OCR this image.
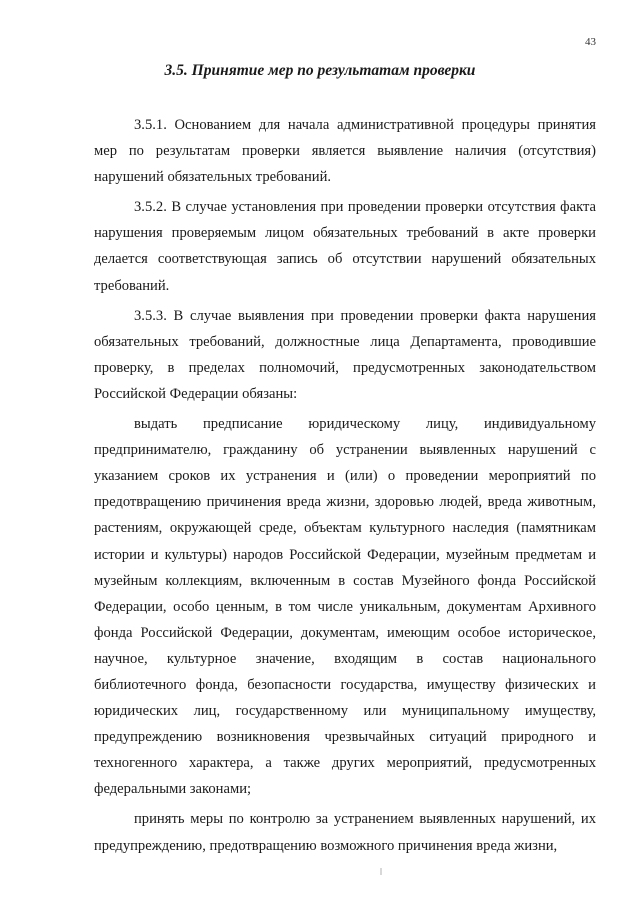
43
3.5. Принятие мер по результатам проверки

3.5.1. Основанием для начала административной процедуры принятия мер по результатам проверки является выявление наличия (отсутствия) нарушений обязательных требований.

3.5.2. В случае установления при проведении проверки отсутствия факта нарушения проверяемым лицом обязательных требований в акте проверки делается соответствующая запись об отсутствии нарушений обязательных требований.

3.5.3. В случае выявления при проведении проверки факта нарушения обязательных требований, должностные лица Департамента, проводившие проверку, в пределах полномочий, предусмотренных законодательством Российской Федерации обязаны:

выдать предписание юридическому лицу, индивидуальному предпринимателю, гражданину об устранении выявленных нарушений с указанием сроков их устранения и (или) о проведении мероприятий по предотвращению причинения вреда жизни, здоровью людей, вреда животным, растениям, окружающей среде, объектам культурного наследия (памятникам истории и культуры) народов Российской Федерации, музейным предметам и музейным коллекциям, включенным в состав Музейного фонда Российской Федерации, особо ценным, в том числе уникальным, документам Архивного фонда Российской Федерации, документам, имеющим особое историческое, научное, культурное значение, входящим в состав национального библиотечного фонда, безопасности государства, имуществу физических и юридических лиц, государственному или муниципальному имуществу, предупреждению возникновения чрезвычайных ситуаций природного и техногенного характера, а также других мероприятий, предусмотренных федеральными законами;

принять меры по контролю за устранением выявленных нарушений, их предупреждению, предотвращению возможного причинения вреда жизни,
